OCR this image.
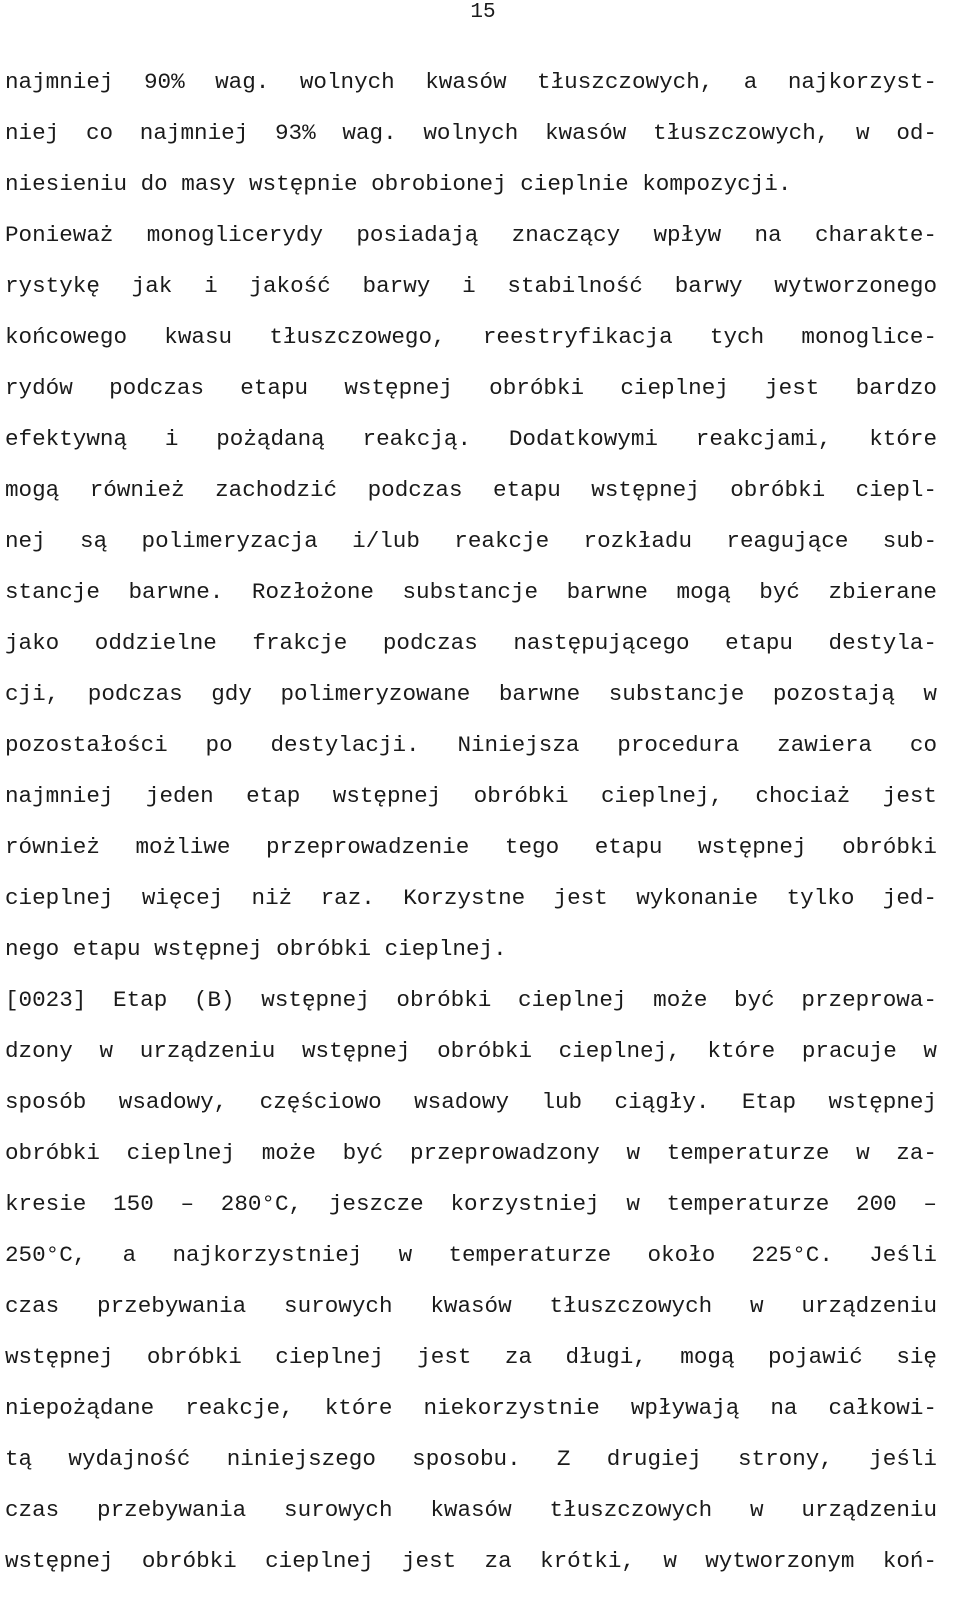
15
najmniej 90% wag. wolnych kwasów tłuszczowych, a najkorzyst-
niej co najmniej 93% wag. wolnych kwasów tłuszczowych, w od-
niesieniu do masy wstępnie obrobionej cieplnie kompozycji.
Ponieważ monoglicerydy posiadają znaczący wpływ na charakte-
rystykę jak i jakość barwy i stabilność barwy wytworzonego
końcowego kwasu tłuszczowego, reestryfikacja tych monoglice-
rydów podczas etapu wstępnej obróbki cieplnej jest bardzo
efektywną i pożądaną reakcją. Dodatkowymi reakcjami, które
mogą również zachodzić podczas etapu wstępnej obróbki ciepl-
nej są polimeryzacja i/lub reakcje rozkładu reagujące sub-
stancje barwne. Rozłożone substancje barwne mogą być zbierane
jako oddzielne frakcje podczas następującego etapu destyla-
cji, podczas gdy polimeryzowane barwne substancje pozostają w
pozostałości po destylacji. Niniejsza procedura zawiera co
najmniej jeden etap wstępnej obróbki cieplnej, chociaż jest
również możliwe przeprowadzenie tego etapu wstępnej obróbki
cieplnej więcej niż raz. Korzystne jest wykonanie tylko jed-
nego etapu wstępnej obróbki cieplnej.
[0023] Etap (B) wstępnej obróbki cieplnej może być przeprowa-
dzony w urządzeniu wstępnej obróbki cieplnej, które pracuje w
sposób wsadowy, częściowo wsadowy lub ciągły. Etap wstępnej
obróbki cieplnej może być przeprowadzony w temperaturze w za-
kresie 150 – 280°C, jeszcze korzystniej w temperaturze 200 –
250°C, a najkorzystniej w temperaturze około 225°C. Jeśli
czas przebywania surowych kwasów tłuszczowych w urządzeniu
wstępnej obróbki cieplnej jest za długi, mogą pojawić się
niepożądane reakcje, które niekorzystnie wpływają na całkowi-
tą wydajność niniejszego sposobu. Z drugiej strony, jeśli
czas przebywania surowych kwasów tłuszczowych w urządzeniu
wstępnej obróbki cieplnej jest za krótki, w wytworzonym koń-
